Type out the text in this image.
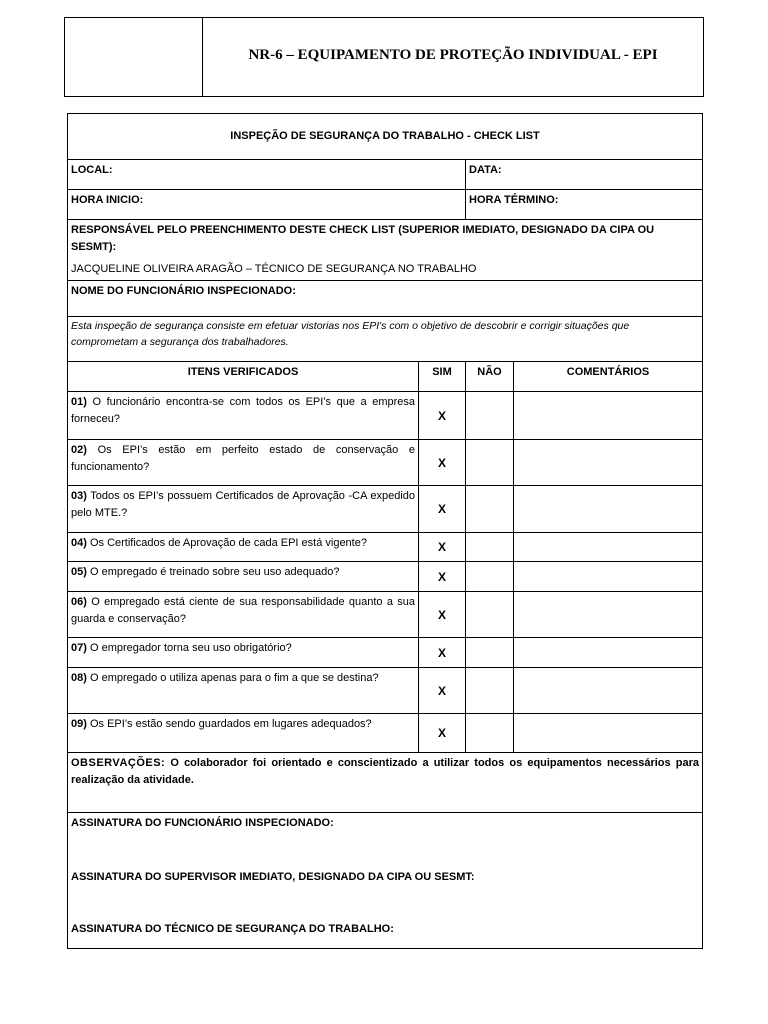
NR-6 – EQUIPAMENTO DE PROTEÇÃO INDIVIDUAL - EPI
INSPEÇÃO DE SEGURANÇA DO TRABALHO - CHECK LIST			
LOCAL:		DATA:	
HORA INICIO:		HORA TÉRMINO:	

RESPONSÁVEL PELO PREENCHIMENTO DESTE CHECK LIST (SUPERIOR IMEDIATO, DESIGNADO DA CIPA OU SESMT):
JACQUELINE OLIVEIRA ARAGÃO – TÉCNICO DE SEGURANÇA NO TRABALHO			

NOME DO FUNCIONÁRIO INSPECIONADO:			
Esta inspeção de segurança consiste em efetuar vistorias nos EPI's com o objetivo de descobrir e corrigir situações que comprometam a segurança dos trabalhadores.			
ITENS VERIFICADOS	SIM	NÃO	COMENTÁRIOS
01) O funcionário encontra-se com todos os EPI’s que a empresa forneceu?	X		
02) Os EPI’s estão em perfeito estado de conservação e funcionamento?	X		
03) Todos os EPI’s possuem Certificados de Aprovação -CA expedido pelo MTE.?	X		
04) Os Certificados de Aprovação de cada EPI está vigente?	X		
05) O empregado é treinado sobre seu uso adequado?	X		
06) O empregado está ciente de sua responsabilidade quanto a sua guarda e conservação?	X		
07) O empregador torna seu uso obrigatório?	X		
08) O empregado o utiliza apenas para o fim a que se destina?	X		
09) Os EPI’s estão sendo guardados em lugares adequados?	X		
OBSERVAÇÕES: O colaborador foi orientado e conscientizado a utilizar todos os equipamentos necessários para realização da atividade.			

ASSINATURA DO FUNCIONÁRIO INSPECIONADO:
ASSINATURA DO SUPERVISOR IMEDIATO, DESIGNADO DA CIPA OU SESMT:
ASSINATURA DO TÉCNICO DE SEGURANÇA DO TRABALHO:			
